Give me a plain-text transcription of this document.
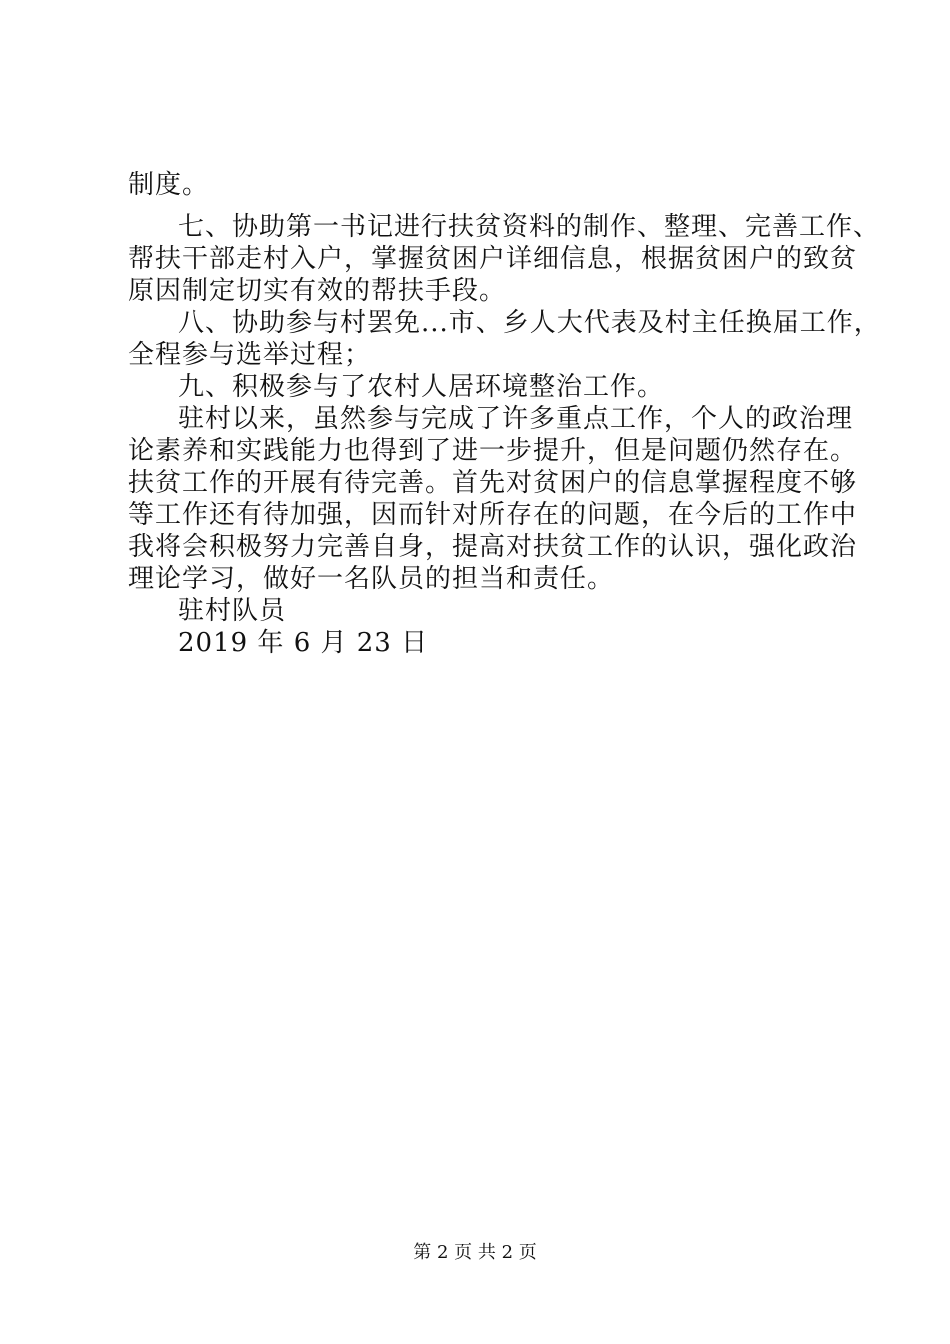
制度。
七、协助第一书记进行扶贫资料的制作、整理、完善工作、
帮扶干部走村入户，掌握贫困户详细信息，根据贫困户的致贫
原因制定切实有效的帮扶手段。
八、协助参与村罢免...市、乡人大代表及村主任换届工作，
全程参与选举过程；
九、积极参与了农村人居环境整治工作。
驻村以来，虽然参与完成了许多重点工作，个人的政治理
论素养和实践能力也得到了进一步提升，但是问题仍然存在。
扶贫工作的开展有待完善。首先对贫困户的信息掌握程度不够
等工作还有待加强，因而针对所存在的问题，在今后的工作中
我将会积极努力完善自身，提高对扶贫工作的认识，强化政治
理论学习，做好一名队员的担当和责任。
驻村队员
2019 年 6 月 23 日
第 2 页 共 2 页
